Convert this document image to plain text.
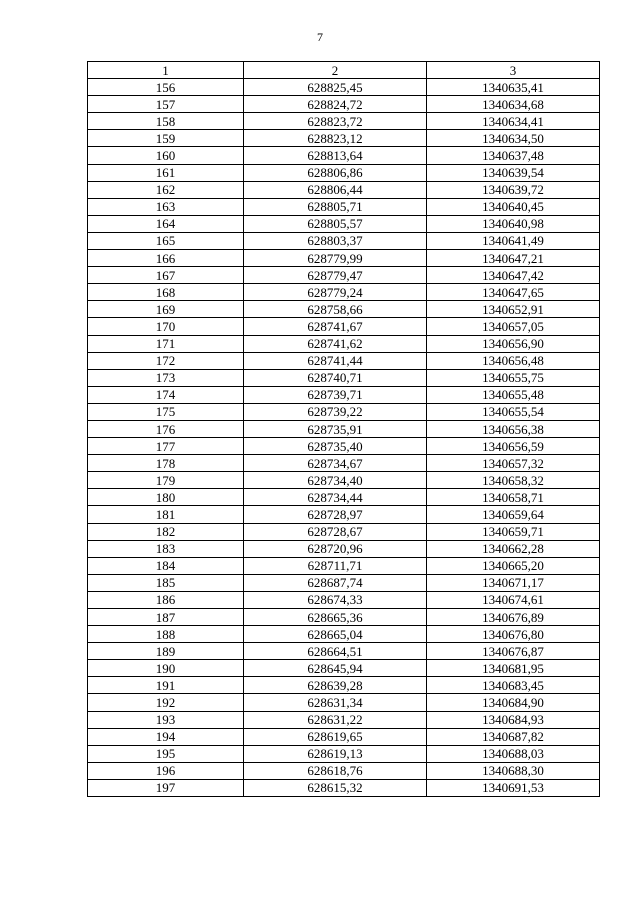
7
1	2	3
156	628825,45	1340635,41
157	628824,72	1340634,68
158	628823,72	1340634,41
159	628823,12	1340634,50
160	628813,64	1340637,48
161	628806,86	1340639,54
162	628806,44	1340639,72
163	628805,71	1340640,45
164	628805,57	1340640,98
165	628803,37	1340641,49
166	628779,99	1340647,21
167	628779,47	1340647,42
168	628779,24	1340647,65
169	628758,66	1340652,91
170	628741,67	1340657,05
171	628741,62	1340656,90
172	628741,44	1340656,48
173	628740,71	1340655,75
174	628739,71	1340655,48
175	628739,22	1340655,54
176	628735,91	1340656,38
177	628735,40	1340656,59
178	628734,67	1340657,32
179	628734,40	1340658,32
180	628734,44	1340658,71
181	628728,97	1340659,64
182	628728,67	1340659,71
183	628720,96	1340662,28
184	628711,71	1340665,20
185	628687,74	1340671,17
186	628674,33	1340674,61
187	628665,36	1340676,89
188	628665,04	1340676,80
189	628664,51	1340676,87
190	628645,94	1340681,95
191	628639,28	1340683,45
192	628631,34	1340684,90
193	628631,22	1340684,93
194	628619,65	1340687,82
195	628619,13	1340688,03
196	628618,76	1340688,30
197	628615,32	1340691,53
